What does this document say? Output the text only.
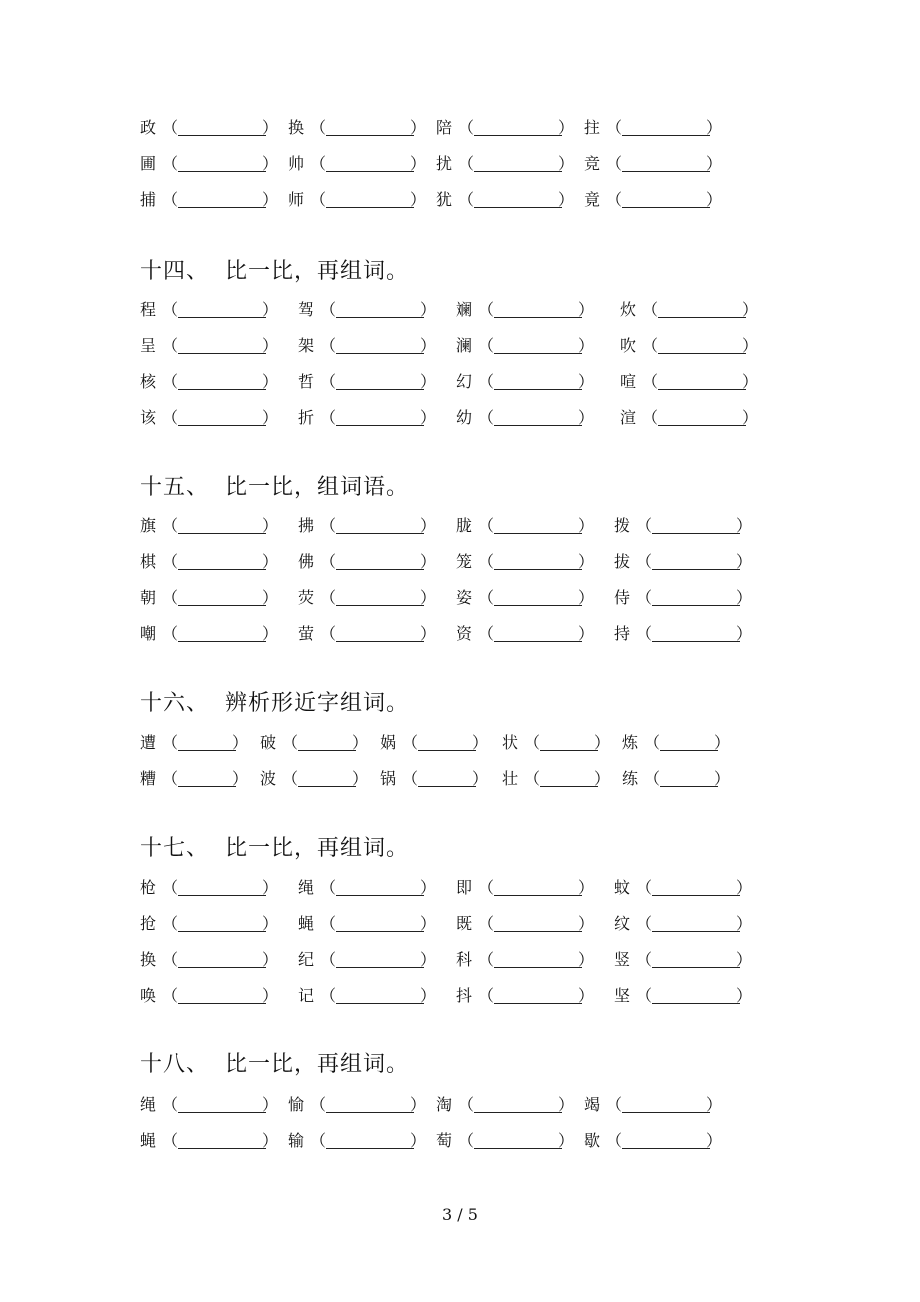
政 （	） 换 （	） 陪 （	） 拄 （	）
圃 （	） 帅 （	） 扰 （	） 竞 （	）
捕 （	） 师 （	） 犹 （	） 竟 （	）
十四、  比一比，再组词。
程 （	） 驾 （	） 斓 （	） 炊 （	）
呈 （	） 架 （	） 澜 （	） 吹 （	）
核 （	） 哲 （	） 幻 （	） 喧 （	）
该 （	） 折 （	） 幼 （	） 渲 （	）
十五、  比一比，组词语。
旗 （	） 拂 （	） 胧 （	） 拨 （	）
棋 （	） 佛 （	） 笼 （	） 拔 （	）
朝 （	） 荧 （	） 姿 （	） 侍 （	）
嘲 （	） 萤 （	） 资 （	） 持 （	）
十六、  辨析形近字组词。
遭 （	） 破 （	） 娲 （	） 状 （	） 炼 （	）
糟 （	） 波 （	） 锅 （	） 壮 （	） 练 （	）
十七、  比一比，再组词。
枪 （	） 绳 （	） 即 （	） 蚊 （	）
抢 （	） 蝇 （	） 既 （	） 纹 （	）
换 （	） 纪 （	） 科 （	） 竖 （	）
唤 （	） 记 （	） 抖 （	） 坚 （	）
十八、  比一比，再组词。
绳 （	） 愉 （	） 淘 （	） 竭 （	）
蝇 （	） 输 （	） 萄 （	） 歇 （	）
3 / 5
